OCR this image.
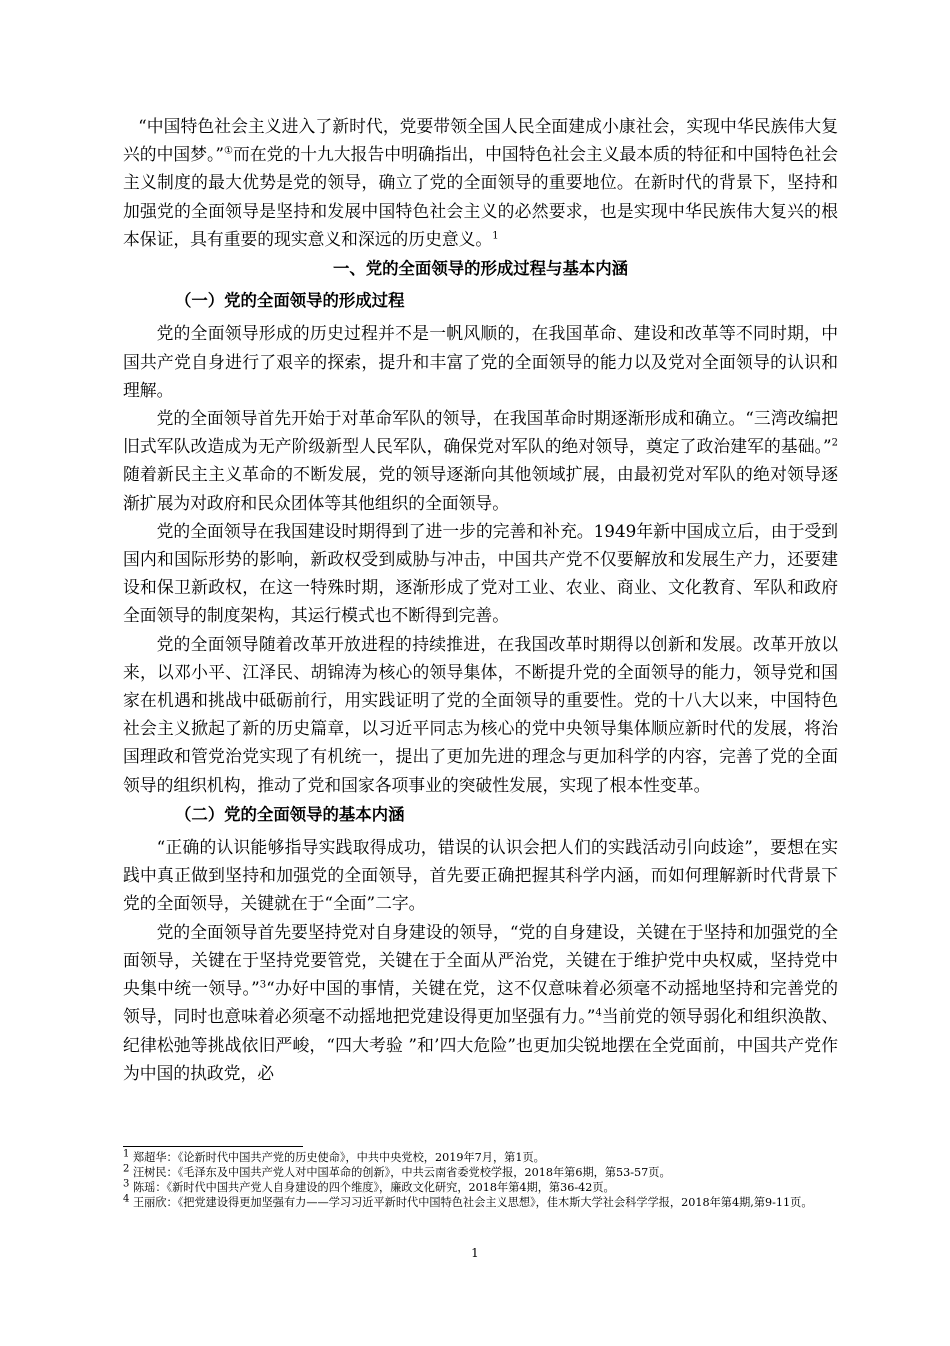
“中国特色社会主义进入了新时代，党要带领全国人民全面建成小康社会，实现中华民族伟大复兴的中国梦。”①而在党的十九大报告中明确指出，中国特色社会主义最本质的特征和中国特色社会主义制度的最大优势是党的领导，确立了党的全面领导的重要地位。在新时代的背景下，坚持和加强党的全面领导是坚持和发展中国特色社会主义的必然要求，也是实现中华民族伟大复兴的根本保证，具有重要的现实意义和深远的历史意义。$^1$

一、党的全面领导的形成过程与基本内涵

（一）党的全面领导的形成过程

党的全面领导形成的历史过程并不是一帆风顺的，在我国革命、建设和改革等不同时期，中国共产党自身进行了艰辛的探索，提升和丰富了党的全面领导的能力以及党对全面领导的认识和理解。

党的全面领导首先开始于对革命军队的领导，在我国革命时期逐渐形成和确立。“三湾改编把旧式军队改造成为无产阶级新型人民军队，确保党对军队的绝对领导，奠定了政治建军的基础。”$^2$随着新民主主义革命的不断发展，党的领导逐渐向其他领域扩展，由最初党对军队的绝对领导逐渐扩展为对政府和民众团体等其他组织的全面领导。

党的全面领导在我国建设时期得到了进一步的完善和补充。1949年新中国成立后，由于受到国内和国际形势的影响，新政权受到威胁与冲击，中国共产党不仅要解放和发展生产力，还要建设和保卫新政权，在这一特殊时期，逐渐形成了党对工业、农业、商业、文化教育、军队和政府全面领导的制度架构，其运行模式也不断得到完善。

党的全面领导随着改革开放进程的持续推进，在我国改革时期得以创新和发展。改革开放以来，以邓小平、江泽民、胡锦涛为核心的领导集体，不断提升党的全面领导的能力，领导党和国家在机遇和挑战中砥砺前行，用实践证明了党的全面领导的重要性。党的十八大以来，中国特色社会主义掀起了新的历史篇章，以习近平同志为核心的党中央领导集体顺应新时代的发展，将治国理政和管党治党实现了有机统一，提出了更加先进的理念与更加科学的内容，完善了党的全面领导的组织机构，推动了党和国家各项事业的突破性发展，实现了根本性变革。

（二）党的全面领导的基本内涵

“正确的认识能够指导实践取得成功，错误的认识会把人们的实践活动引向歧途”，要想在实践中真正做到坚持和加强党的全面领导，首先要正确把握其科学内涵，而如何理解新时代背景下党的全面领导，关键就在于“全面”二字。

党的全面领导首先要坚持党对自身建设的领导，“党的自身建设，关键在于坚持和加强党的全面领导，关键在于坚持党要管党，关键在于全面从严治党，关键在于维护党中央权威，坚持党中央集中统一领导。”$^3$“办好中国的事情，关键在党，这不仅意味着必须毫不动摇地坚持和完善党的领导，同时也意味着必须毫不动摇地把党建设得更加坚强有力。”$^4$当前党的领导弱化和组织涣散、纪律松弛等挑战依旧严峻，“四大考验 ”和’四大危险”也更加尖锐地摆在全党面前，中国共产党作为中国的执政党，必

$^1$ 郑超华：《论新时代中国共产党的历史使命》，中共中央党校，2019年7月，第1页。

$^2$ 汪树民：《毛泽东及中国共产党人对中国革命的创新》，中共云南省委党校学报，2018年第6期，第53-57页。

$^3$ 陈瑶：《新时代中国共产党人自身建设的四个维度》，廉政文化研究，2018年第4期，第36-42页。

$^4$ 王丽欣：《把党建设得更加坚强有力——学习习近平新时代中国特色社会主义思想》，佳木斯大学社会科学学报，2018年第4期,第9-11页。

1
